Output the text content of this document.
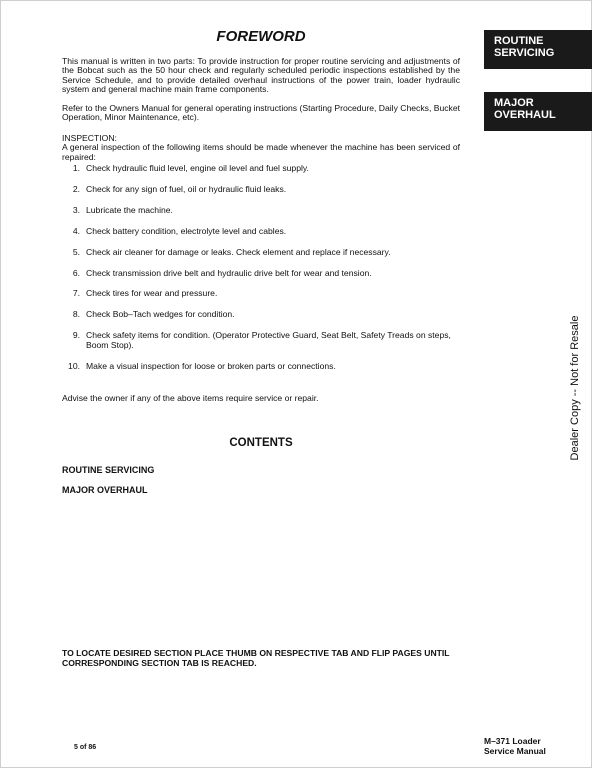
FOREWORD

This manual is written in two parts: To provide instruction for proper routine servicing and adjustments of the Bobcat such as the 50 hour check and regularly scheduled periodic inspections established by the Service Schedule, and to provide detailed overhaul instructions of the power train, loader hydraulic system and general machine main frame components.

Refer to the Owners Manual for general operating instructions (Starting Procedure, Daily Checks, Bucket Operation, Minor Maintenance, etc).

INSPECTION:
A general inspection of the following items should be made whenever the machine has been serviced of repaired:
1. Check hydraulic fluid level, engine oil level and fuel supply.
2. Check for any sign of fuel, oil or hydraulic fluid leaks.
3. Lubricate the machine.
4. Check battery condition, electrolyte level and cables.
5. Check air cleaner for damage or leaks. Check element and replace if necessary.
6. Check transmission drive belt and hydraulic drive belt for wear and tension.
7. Check tires for wear and pressure.
8. Check Bob–Tach wedges for condition.
9. Check safety items for condition. (Operator Protective Guard, Seat Belt, Safety Treads on steps, Boom Stop).
10. Make a visual inspection for loose or broken parts or connections.
Advise the owner if any of the above items require service or repair.
CONTENTS
ROUTINE SERVICING
MAJOR OVERHAUL
TO LOCATE DESIRED SECTION PLACE THUMB ON RESPECTIVE TAB AND FLIP PAGES UNTIL CORRESPONDING SECTION TAB IS REACHED.
ROUTINE
SERVICING
MAJOR
OVERHAUL
Dealer Copy -- Not for Resale
5 of 86
M–371 Loader
Service Manual
